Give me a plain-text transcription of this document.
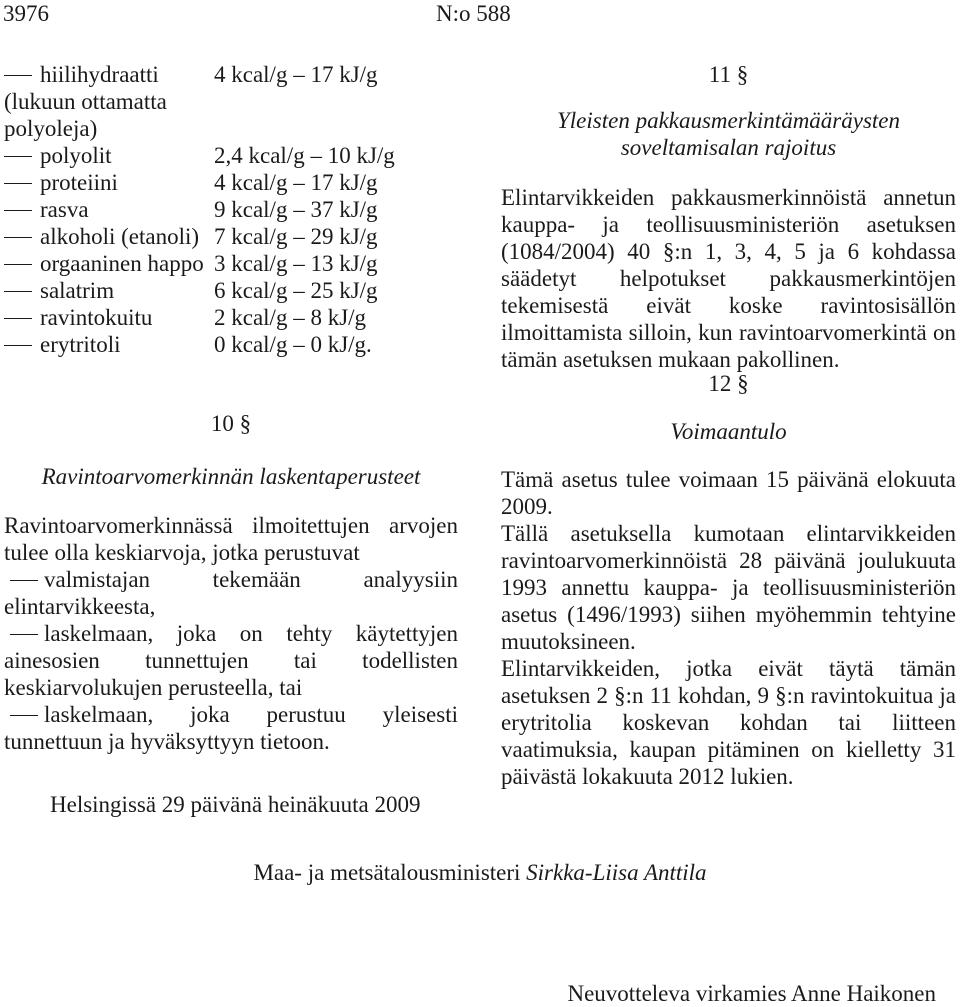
3976	N:o 588
hiilihydraatti	4 kcal/g – 17 kJ/g
(lukuun ottamatta	
polyoleja)	
polyolit	2,4 kcal/g – 10 kJ/g
proteiini	4 kcal/g – 17 kJ/g
rasva	9 kcal/g – 37 kJ/g
alkoholi (etanoli)	7 kcal/g – 29 kJ/g
orgaaninen happo	3 kcal/g – 13 kJ/g
salatrim	6 kcal/g – 25 kJ/g
ravintokuitu	2 kcal/g – 8 kJ/g
erytritoli	0 kcal/g – 0 kJ/g.
10 §
Ravintoarvomerkinnän laskentaperusteet

Ravintoarvomerkinnässä ilmoitettujen arvojen tulee olla keskiarvoja, jotka perustuvat

valmistajan tekemään analyysiin elintarvikkeesta,

laskelmaan, joka on tehty käytettyjen ainesosien tunnettujen tai todellisten keskiarvolukujen perusteella, tai

laskelmaan, joka perustuu yleisesti tunnettuun ja hyväksyttyyn tietoon.

11 §
Yleisten pakkausmerkintämääräysten
soveltamisalan rajoitus

Elintarvikkeiden pakkausmerkinnöistä annetun kauppa- ja teollisuusministeriön asetuksen (1084/2004) 40 §:n 1, 3, 4, 5 ja 6 kohdassa säädetyt helpotukset pakkausmerkintöjen tekemisestä eivät koske ravintosisällön ilmoittamista silloin, kun ravintoarvomerkintä on tämän asetuksen mukaan pakollinen.

12 §
Voimaantulo

Tämä asetus tulee voimaan 15 päivänä elokuuta 2009.

Tällä asetuksella kumotaan elintarvikkeiden ravintoarvomerkinnöistä 28 päivänä joulukuuta 1993 annettu kauppa- ja teollisuusministeriön asetus (1496/1993) siihen myöhemmin tehtyine muutoksineen.

Elintarvikkeiden, jotka eivät täytä tämän asetuksen 2 §:n 11 kohdan, 9 §:n ravintokuitua ja erytritolia koskevan kohdan tai liitteen vaatimuksia, kaupan pitäminen on kielletty 31 päivästä lokakuuta 2012 lukien.

Helsingissä 29 päivänä heinäkuuta 2009
Maa- ja metsätalousministeri Sirkka-Liisa Anttila
Neuvotteleva virkamies Anne Haikonen
